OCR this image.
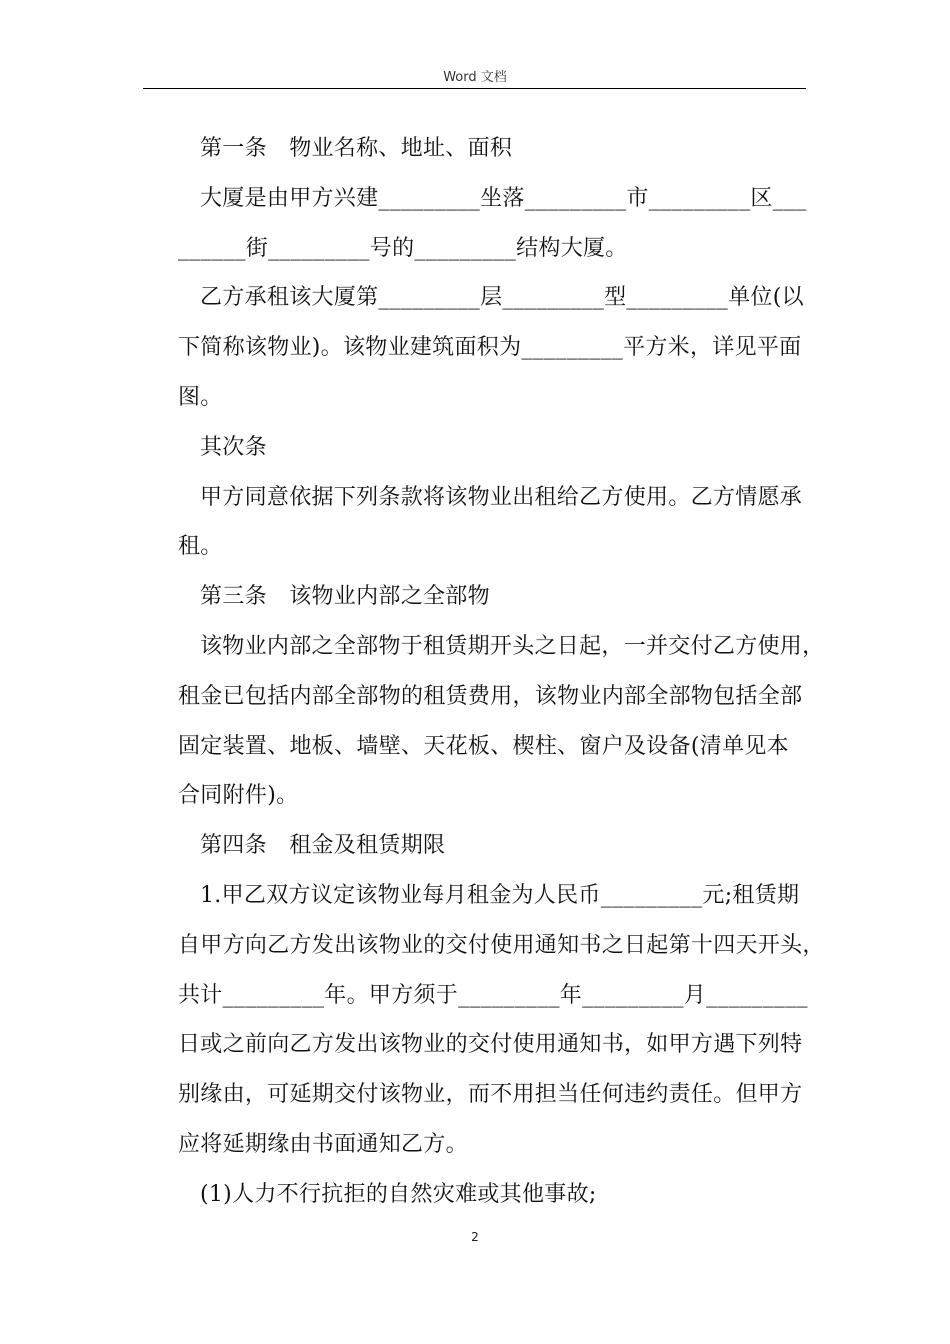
Word 文档

第一条　物业名称、地址、面积

大厦是由甲方兴建_________坐落_________市_________区___

______街_________号的_________结构大厦。

乙方承租该大厦第_________层_________型_________单位(以

下简称该物业)。该物业建筑面积为_________平方米，详见平面

图。

其次条

甲方同意依据下列条款将该物业出租给乙方使用。乙方情愿承

租。

第三条　该物业内部之全部物

该物业内部之全部物于租赁期开头之日起，一并交付乙方使用，

租金已包括内部全部物的租赁费用，该物业内部全部物包括全部

固定装置、地板、墙壁、天花板、楔柱、窗户及设备(清单见本

合同附件)。

第四条　租金及租赁期限

1.甲乙双方议定该物业每月租金为人民币_________元;租赁期

自甲方向乙方发出该物业的交付使用通知书之日起第十四天开头，

共计_________年。甲方须于_________年_________月_________

日或之前向乙方发出该物业的交付使用通知书，如甲方遇下列特

别缘由，可延期交付该物业，而不用担当任何违约责任。但甲方

应将延期缘由书面通知乙方。

(1)人力不行抗拒的自然灾难或其他事故;

2
